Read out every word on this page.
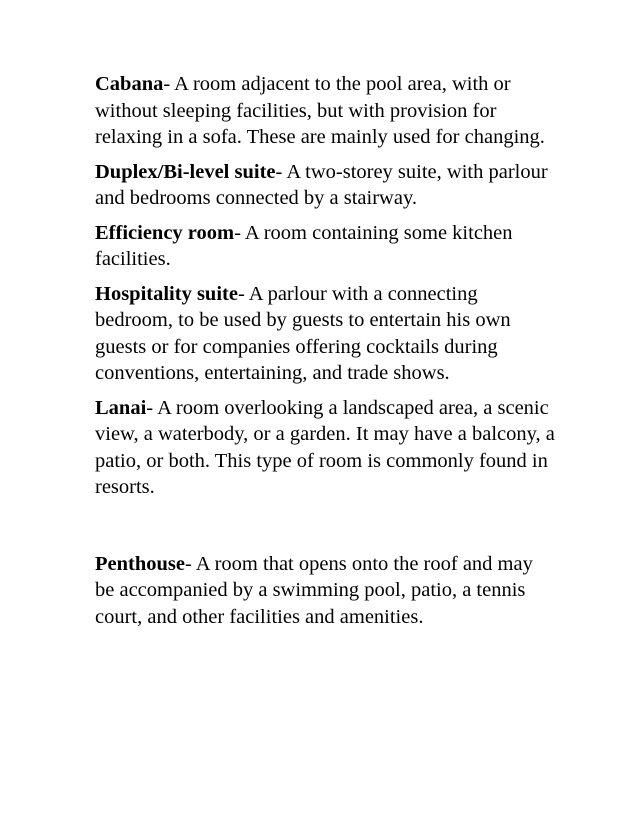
Cabana- A room adjacent to the pool area, with or without sleeping facilities, but with provision for relaxing in a sofa. These are mainly used for changing.

Duplex/Bi-level suite- A two-storey suite, with parlour and bedrooms connected by a stairway.

Efficiency room- A room containing some kitchen facilities.

Hospitality suite- A parlour with a connecting bedroom, to be used by guests to entertain his own guests or for companies offering cocktails during conventions, entertaining, and trade shows.

Lanai- A room overlooking a landscaped area, a scenic view, a waterbody, or a garden. It may have a balcony, a patio, or both. This type of room is commonly found in resorts.

Penthouse- A room that opens onto the roof and may be accompanied by a swimming pool, patio, a tennis court, and other facilities and amenities.
